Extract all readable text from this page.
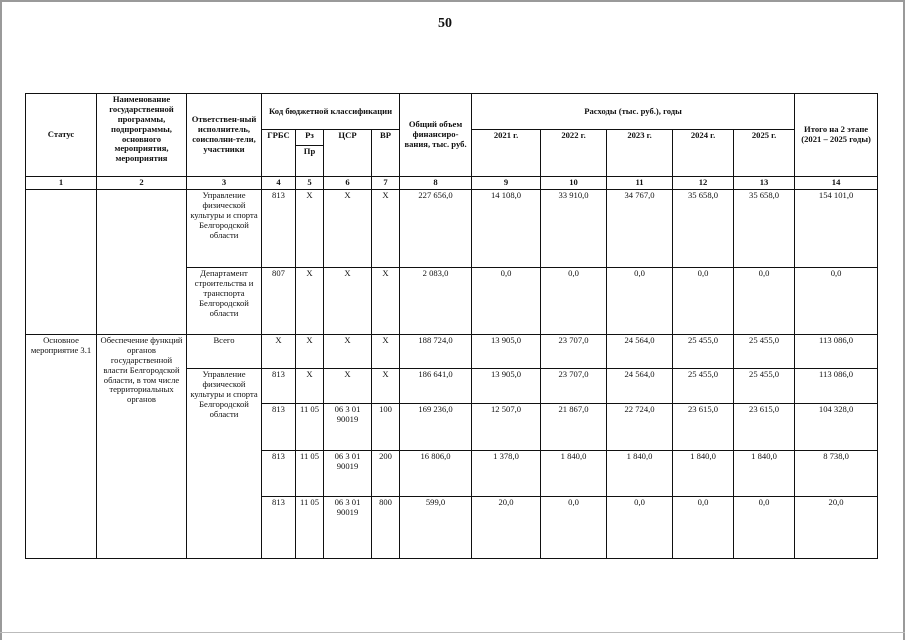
50
Статус	Наименование государственной программы, подпрограммы, основного мероприятия, мероприятия	Ответствен-ный исполнитель, соисполни-тели, участники	Код бюджетной классификации				Общий объем финансиро-вания, тыс. руб.	Расходы (тыс. руб.), годы					Итого на 2 этапе (2021 – 2025 годы)
			ГРБС	Рз	ЦСР	ВР		2021 г.	2022 г.	2023 г.	2024 г.	2025 г.	
				Пр									
1	2	3	4	5	6	7	8	9	10	11	12	13	14
		Управление физической культуры и спорта Белгородской области	813	Х	Х	Х	227 656,0	14 108,0	33 910,0	34 767,0	35 658,0	35 658,0	154 101,0
		Департамент строительства и транспорта Белгородской области	807	Х	Х	Х	2 083,0	0,0	0,0	0,0	0,0	0,0	0,0
Основное мероприятие 3.1	Обеспечение функций органов государственной власти Белгородской области, в том числе территориальных органов	Всего	Х	Х	Х	Х	188 724,0	13 905,0	23 707,0	24 564,0	25 455,0	25 455,0	113 086,0
		Управление физической культуры и спорта Белгородской области	813	Х	Х	Х	186 641,0	13 905,0	23 707,0	24 564,0	25 455,0	25 455,0	113 086,0
			813	11 05	06 3 01 90019	100	169 236,0	12 507,0	21 867,0	22 724,0	23 615,0	23 615,0	104 328,0
			813	11 05	06 3 01 90019	200	16 806,0	1 378,0	1 840,0	1 840,0	1 840,0	1 840,0	8 738,0
			813	11 05	06 3 01 90019	800	599,0	20,0	0,0	0,0	0,0	0,0	20,0
